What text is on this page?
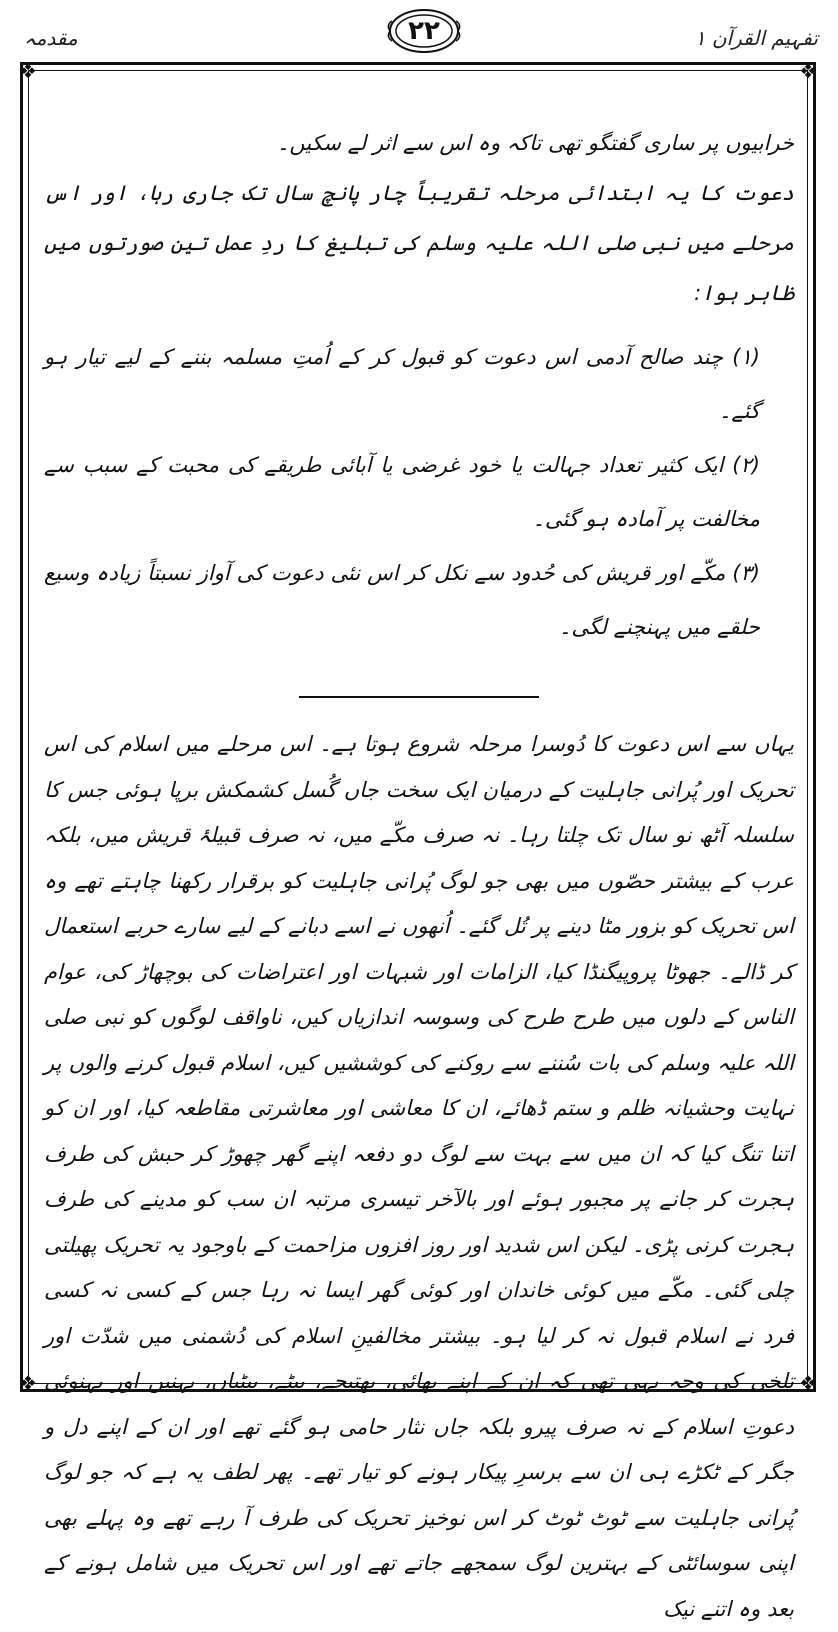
مقدمہ	۲۲	تفہیم القرآن ۱
❖	❖
❖	❖

خرابیوں پر ساری گفتگو تھی تاکہ وہ اس سے اثر لے سکیں۔

دعوت کا یہ ابتدائی مرحلہ تقریباً چار پانچ سال تک جاری رہا، اور اس مرحلے میں نبی صلی اللہ علیہ وسلم کی تبلیغ کا ردِ عمل تین صورتوں میں ظاہر ہوا:

(۱) چند صالح آدمی اس دعوت کو قبول کر کے اُمتِ مسلمہ بننے کے لیے تیار ہو گئے۔
(۲) ایک کثیر تعداد جہالت یا خود غرضی یا آبائی طریقے کی محبت کے سبب سے مخالفت پر آمادہ ہو گئی۔
(۳) مکّے اور قریش کی حُدود سے نکل کر اس نئی دعوت کی آواز نسبتاً زیادہ وسیع حلقے میں پہنچنے لگی۔

یہاں سے اس دعوت کا دُوسرا مرحلہ شروع ہوتا ہے۔ اس مرحلے میں اسلام کی اس تحریک اور پُرانی جاہلیت کے درمیان ایک سخت جاں گُسل کشمکش برپا ہوئی جس کا سلسلہ آٹھ نو سال تک چلتا رہا۔ نہ صرف مکّے میں، نہ صرف قبیلۂ قریش میں، بلکہ عرب کے بیشتر حصّوں میں بھی جو لوگ پُرانی جاہلیت کو برقرار رکھنا چاہتے تھے وہ اس تحریک کو بزور مٹا دینے پر تُل گئے۔ اُنھوں نے اسے دبانے کے لیے سارے حربے استعمال کر ڈالے۔ جھوٹا پروپیگنڈا کیا، الزامات اور شبہات اور اعتراضات کی بوچھاڑ کی، عوام الناس کے دلوں میں طرح طرح کی وسوسہ اندازیاں کیں، ناواقف لوگوں کو نبی صلی اللہ علیہ وسلم کی بات سُننے سے روکنے کی کوششیں کیں، اسلام قبول کرنے والوں پر نہایت وحشیانہ ظلم و ستم ڈھائے، ان کا معاشی اور معاشرتی مقاطعہ کیا، اور ان کو اتنا تنگ کیا کہ ان میں سے بہت سے لوگ دو دفعہ اپنے گھر چھوڑ کر حبش کی طرف ہجرت کر جانے پر مجبور ہوئے اور بالآخر تیسری مرتبہ ان سب کو مدینے کی طرف ہجرت کرنی پڑی۔ لیکن اس شدید اور روز افزوں مزاحمت کے باوجود یہ تحریک پھیلتی چلی گئی۔ مکّے میں کوئی خاندان اور کوئی گھر ایسا نہ رہا جس کے کسی نہ کسی فرد نے اسلام قبول نہ کر لیا ہو۔ بیشتر مخالفینِ اسلام کی دُشمنی میں شدّت اور تلخی کی وجہ یہی تھی کہ ان کے اپنے بھائی، بھتیجے، بیٹے، بیٹیاں، بہنیں اور بہنوئی دعوتِ اسلام کے نہ صرف پیرو بلکہ جاں نثار حامی ہو گئے تھے اور ان کے اپنے دل و جگر کے ٹکڑے ہی ان سے برسرِ پیکار ہونے کو تیار تھے۔ پھر لطف یہ ہے کہ جو لوگ پُرانی جاہلیت سے ٹوٹ ٹوٹ کر اس نوخیز تحریک کی طرف آ رہے تھے وہ پہلے بھی اپنی سوسائٹی کے بہترین لوگ سمجھے جاتے تھے اور اس تحریک میں شامل ہونے کے بعد وہ اتنے نیک
